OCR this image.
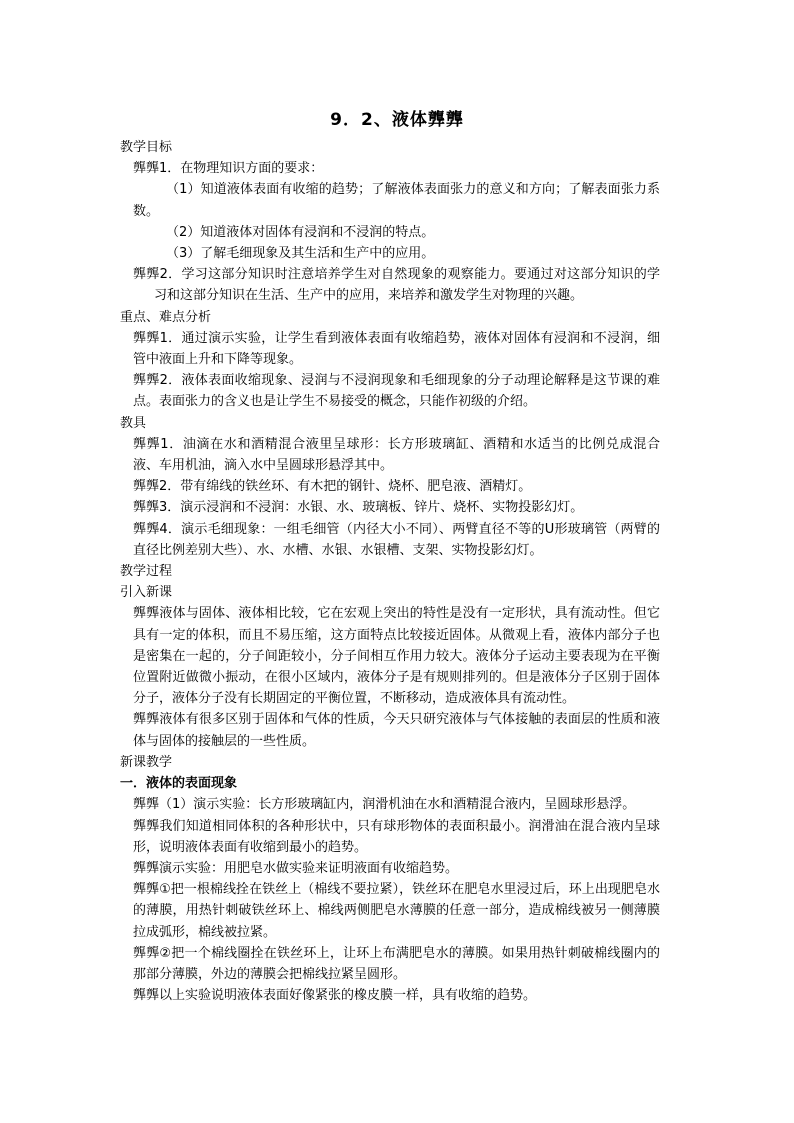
9．2、液体龏龏

教学目标

龏龏1．在物理知识方面的要求：

（1）知道液体表面有收缩的趋势；了解液体表面张力的意义和方向；了解表面张力系数。

（2）知道液体对固体有浸润和不浸润的特点。

（3）了解毛细现象及其生活和生产中的应用。

龏龏2．学习这部分知识时注意培养学生对自然现象的观察能力。要通过对这部分知识的学习和这部分知识在生活、生产中的应用，来培养和激发学生对物理的兴趣。

重点、难点分析

龏龏1．通过演示实验，让学生看到液体表面有收缩趋势，液体对固体有浸润和不浸润，细管中液面上升和下降等现象。

龏龏2．液体表面收缩现象、浸润与不浸润现象和毛细现象的分子动理论解释是这节课的难点。表面张力的含义也是让学生不易接受的概念，只能作初级的介绍。

教具

龏龏1．油滴在水和酒精混合液里呈球形：长方形玻璃缸、酒精和水适当的比例兑成混合液、车用机油，滴入水中呈圆球形悬浮其中。

龏龏2．带有绵线的铁丝环、有木把的钢针、烧杯、肥皂液、酒精灯。

龏龏3．演示浸润和不浸润：水银、水、玻璃板、锌片、烧杯、实物投影幻灯。

龏龏4．演示毛细现象：一组毛细管（内径大小不同）、两臂直径不等的U形玻璃管（两臂的直径比例差别大些）、水、水槽、水银、水银槽、支架、实物投影幻灯。

教学过程

引入新课

龏龏液体与固体、液体相比较，它在宏观上突出的特性是没有一定形状，具有流动性。但它具有一定的体积，而且不易压缩，这方面特点比较接近固体。从微观上看，液体内部分子也是密集在一起的，分子间距较小，分子间相互作用力较大。液体分子运动主要表现为在平衡位置附近做微小振动，在很小区域内，液体分子是有规则排列的。但是液体分子区别于固体分子，液体分子没有长期固定的平衡位置，不断移动，造成液体具有流动性。

龏龏液体有很多区别于固体和气体的性质，今天只研究液体与气体接触的表面层的性质和液体与固体的接触层的一些性质。

新课教学

一．液体的表面现象

龏龏（1）演示实验：长方形玻璃缸内，润滑机油在水和酒精混合液内，呈圆球形悬浮。

龏龏我们知道相同体积的各种形状中，只有球形物体的表面积最小。润滑油在混合液内呈球形，说明液体表面有收缩到最小的趋势。

龏龏演示实验：用肥皂水做实验来证明液面有收缩趋势。

龏龏①把一根棉线拴在铁丝上（棉线不要拉紧），铁丝环在肥皂水里浸过后，环上出现肥皂水的薄膜，用热针刺破铁丝环上、棉线两侧肥皂水薄膜的任意一部分，造成棉线被另一侧薄膜拉成弧形，棉线被拉紧。

龏龏②把一个棉线圈拴在铁丝环上，让环上布满肥皂水的薄膜。如果用热针刺破棉线圈内的那部分薄膜，外边的薄膜会把棉线拉紧呈圆形。

龏龏以上实验说明液体表面好像紧张的橡皮膜一样，具有收缩的趋势。
